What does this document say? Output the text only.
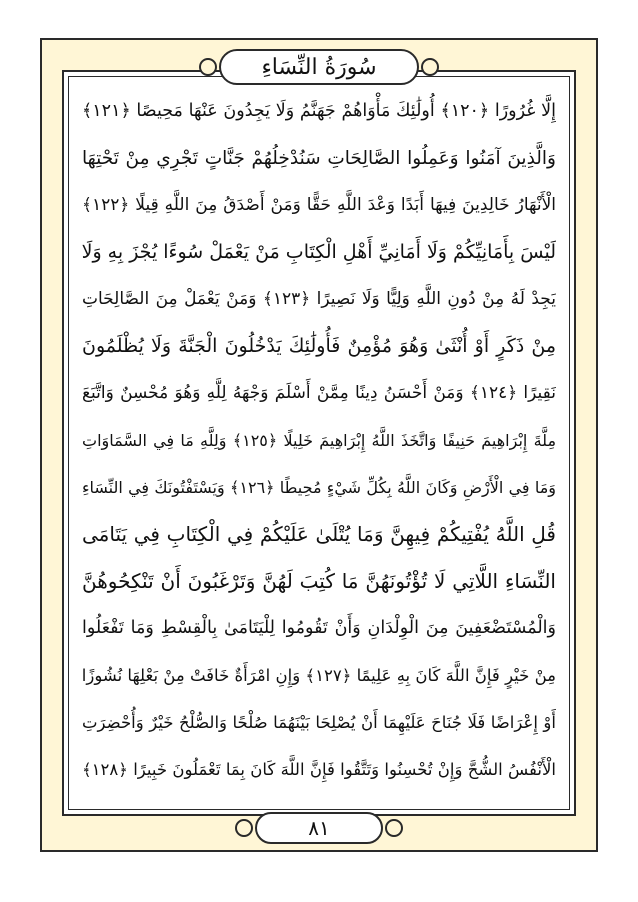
سُورَةُ النِّسَاءِ
إِلَّا غُرُورًا ﴿١٢٠﴾ أُولَٰئِكَ مَأْوَاهُمْ جَهَنَّمُ وَلَا يَجِدُونَ عَنْهَا مَحِيصًا ﴿١٢١﴾
وَالَّذِينَ آمَنُوا وَعَمِلُوا الصَّالِحَاتِ سَنُدْخِلُهُمْ جَنَّاتٍ تَجْرِي مِنْ تَحْتِهَا
الْأَنْهَارُ خَالِدِينَ فِيهَا أَبَدًا وَعْدَ اللَّهِ حَقًّا وَمَنْ أَصْدَقُ مِنَ اللَّهِ قِيلًا ﴿١٢٢﴾
لَيْسَ بِأَمَانِيِّكُمْ وَلَا أَمَانِيِّ أَهْلِ الْكِتَابِ مَنْ يَعْمَلْ سُوءًا يُجْزَ بِهِ وَلَا
يَجِدْ لَهُ مِنْ دُونِ اللَّهِ وَلِيًّا وَلَا نَصِيرًا ﴿١٢٣﴾ وَمَنْ يَعْمَلْ مِنَ الصَّالِحَاتِ
مِنْ ذَكَرٍ أَوْ أُنْثَىٰ وَهُوَ مُؤْمِنٌ فَأُولَٰئِكَ يَدْخُلُونَ الْجَنَّةَ وَلَا يُظْلَمُونَ
نَقِيرًا ﴿١٢٤﴾ وَمَنْ أَحْسَنُ دِينًا مِمَّنْ أَسْلَمَ وَجْهَهُ لِلَّهِ وَهُوَ مُحْسِنٌ وَاتَّبَعَ
مِلَّةَ إِبْرَاهِيمَ حَنِيفًا وَاتَّخَذَ اللَّهُ إِبْرَاهِيمَ خَلِيلًا ﴿١٢٥﴾ وَلِلَّهِ مَا فِي السَّمَاوَاتِ
وَمَا فِي الْأَرْضِ وَكَانَ اللَّهُ بِكُلِّ شَيْءٍ مُحِيطًا ﴿١٢٦﴾ وَيَسْتَفْتُونَكَ فِي النِّسَاءِ
قُلِ اللَّهُ يُفْتِيكُمْ فِيهِنَّ وَمَا يُتْلَىٰ عَلَيْكُمْ فِي الْكِتَابِ فِي يَتَامَى
النِّسَاءِ اللَّاتِي لَا تُؤْتُونَهُنَّ مَا كُتِبَ لَهُنَّ وَتَرْغَبُونَ أَنْ تَنْكِحُوهُنَّ
وَالْمُسْتَضْعَفِينَ مِنَ الْوِلْدَانِ وَأَنْ تَقُومُوا لِلْيَتَامَىٰ بِالْقِسْطِ وَمَا تَفْعَلُوا
مِنْ خَيْرٍ فَإِنَّ اللَّهَ كَانَ بِهِ عَلِيمًا ﴿١٢٧﴾ وَإِنِ امْرَأَةٌ خَافَتْ مِنْ بَعْلِهَا نُشُوزًا
أَوْ إِعْرَاضًا فَلَا جُنَاحَ عَلَيْهِمَا أَنْ يُصْلِحَا بَيْنَهُمَا صُلْحًا وَالصُّلْحُ خَيْرٌ وَأُحْضِرَتِ
الْأَنْفُسُ الشُّحَّ وَإِنْ تُحْسِنُوا وَتَتَّقُوا فَإِنَّ اللَّهَ كَانَ بِمَا تَعْمَلُونَ خَبِيرًا ﴿١٢٨﴾
٨١
